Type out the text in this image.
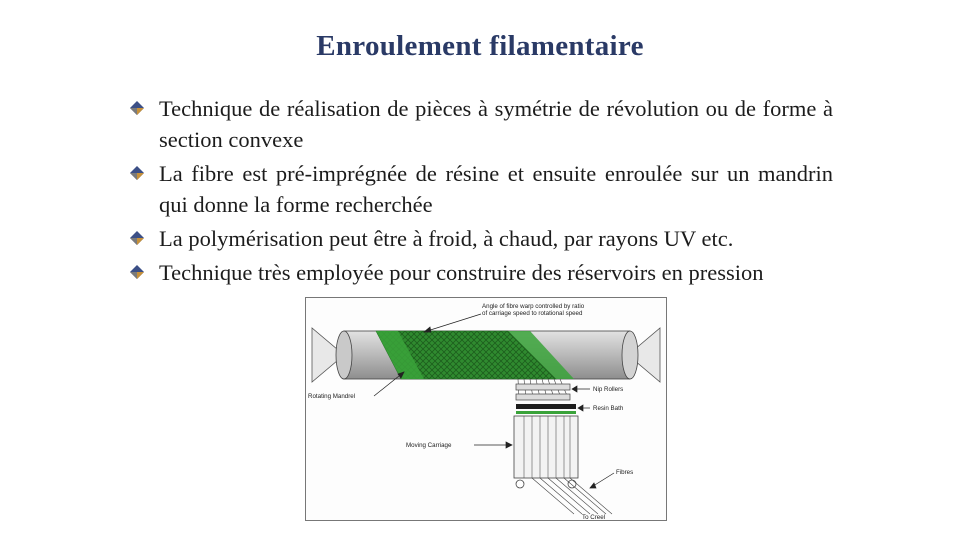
Enroulement filamentaire
Technique de réalisation de pièces à symétrie de révolution ou de forme à section convexe
La fibre est pré-imprégnée de résine et ensuite enroulée sur un mandrin qui donne la forme recherchée
La polymérisation peut être à froid, à chaud, par rayons UV etc.
Technique très employée pour construire des réservoirs en pression
Angle of fibre warp controlled by ratio
of carriage speed to rotational speed
Rotating Mandrel
Nip Rollers
Resin Bath
Moving Carriage
Fibres
To Creel
